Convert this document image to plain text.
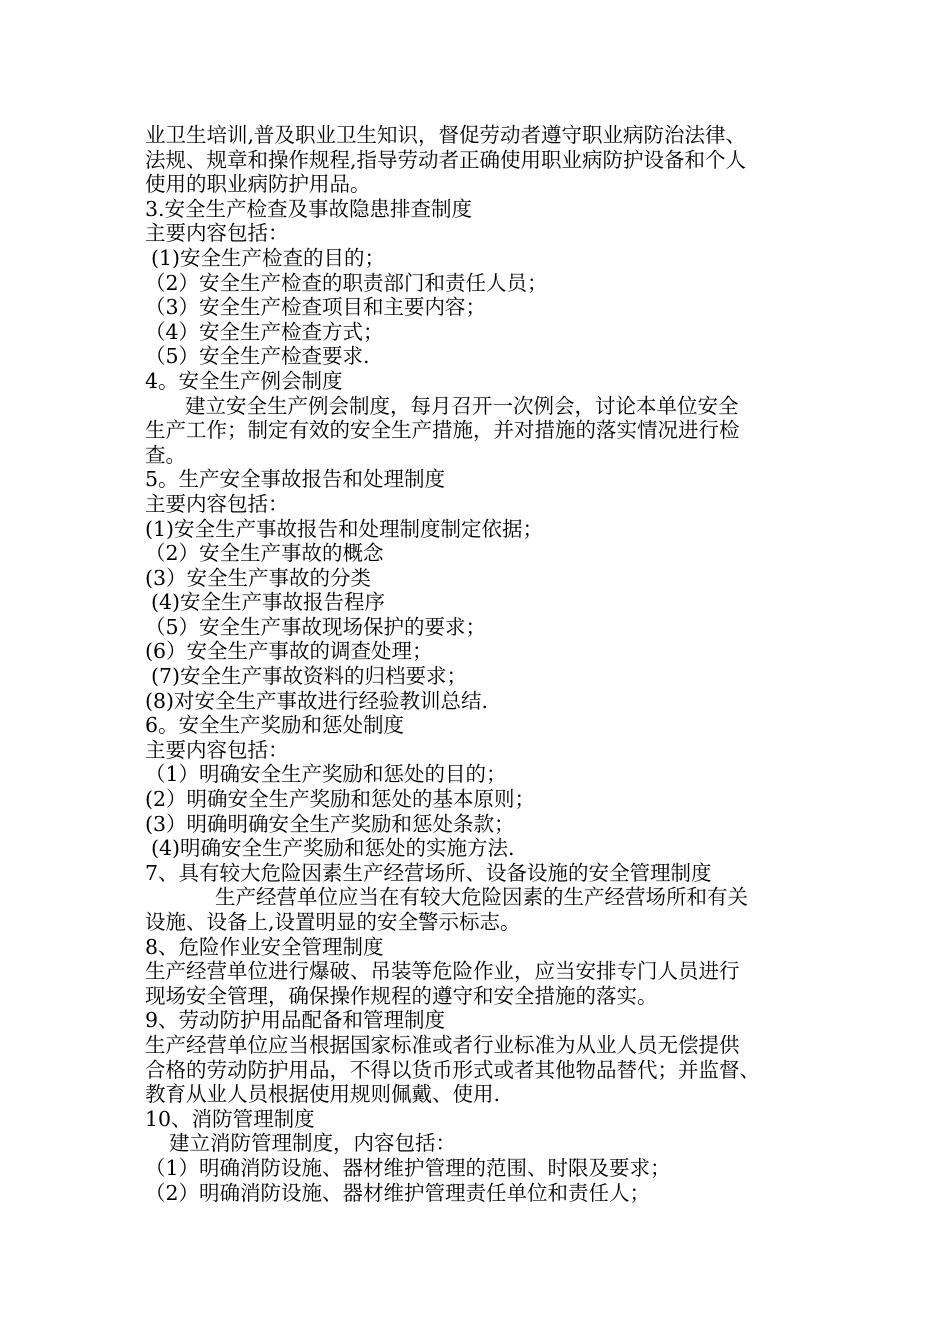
业卫生培训,普及职业卫生知识，督促劳动者遵守职业病防治法律、

法规、规章和操作规程,指导劳动者正确使用职业病防护设备和个人

使用的职业病防护用品。

3.安全生产检查及事故隐患排查制度

主要内容包括：

(1)安全生产检查的目的；

（2）安全生产检查的职责部门和责任人员；

（3）安全生产检查项目和主要内容；

（4）安全生产检查方式；

（5）安全生产检查要求.

4。安全生产例会制度

建立安全生产例会制度，每月召开一次例会，讨论本单位安全

生产工作；制定有效的安全生产措施，并对措施的落实情况进行检

查。

5。生产安全事故报告和处理制度

主要内容包括：

(1)安全生产事故报告和处理制度制定依据；

（2）安全生产事故的概念

(3）安全生产事故的分类

(4)安全生产事故报告程序

（5）安全生产事故现场保护的要求；

(6）安全生产事故的调查处理；

(7)安全生产事故资料的归档要求；

(8)对安全生产事故进行经验教训总结.

6。安全生产奖励和惩处制度

主要内容包括：

（1）明确安全生产奖励和惩处的目的；

(2）明确安全生产奖励和惩处的基本原则；

(3）明确明确安全生产奖励和惩处条款；

(4)明确安全生产奖励和惩处的实施方法.

7、具有较大危险因素生产经营场所、设备设施的安全管理制度

生产经营单位应当在有较大危险因素的生产经营场所和有关

设施、设备上,设置明显的安全警示标志。

8、危险作业安全管理制度

生产经营单位进行爆破、吊装等危险作业，应当安排专门人员进行

现场安全管理，确保操作规程的遵守和安全措施的落实。

9、劳动防护用品配备和管理制度

生产经营单位应当根据国家标准或者行业标准为从业人员无偿提供

合格的劳动防护用品，不得以货币形式或者其他物品替代；并监督、

教育从业人员根据使用规则佩戴、使用.

10、消防管理制度

建立消防管理制度，内容包括：

（1）明确消防设施、器材维护管理的范围、时限及要求；

（2）明确消防设施、器材维护管理责任单位和责任人；
